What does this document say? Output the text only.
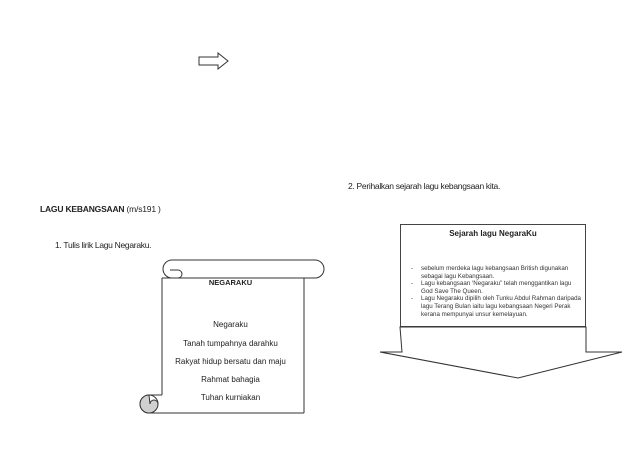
LAGU KEBANGSAAN (m/s191 )
1. Tulis lirik Lagu Negaraku.
2. Perihalkan sejarah lagu kebangsaan kita.
NEGARAKU
Negaraku
Tanah tumpahnya darahku
Rakyat hidup bersatu dan maju
Rahmat bahagia
Tuhan kurniakan
Sejarah lagu NegaraKu
- sebelum merdeka lagu kebangsaan British digunakan sebagai lagu Kebangsaan.
- Lagu kebangsaan ‘Negaraku” telah menggantikan lagu God Save The Queen.
- Lagu Negaraku dipilih oleh Tunku Abdul Rahman daripada lagu Terang Bulan iaitu lagu kebangsaan Negeri Perak kerana mempunyai unsur kemelayuan.
